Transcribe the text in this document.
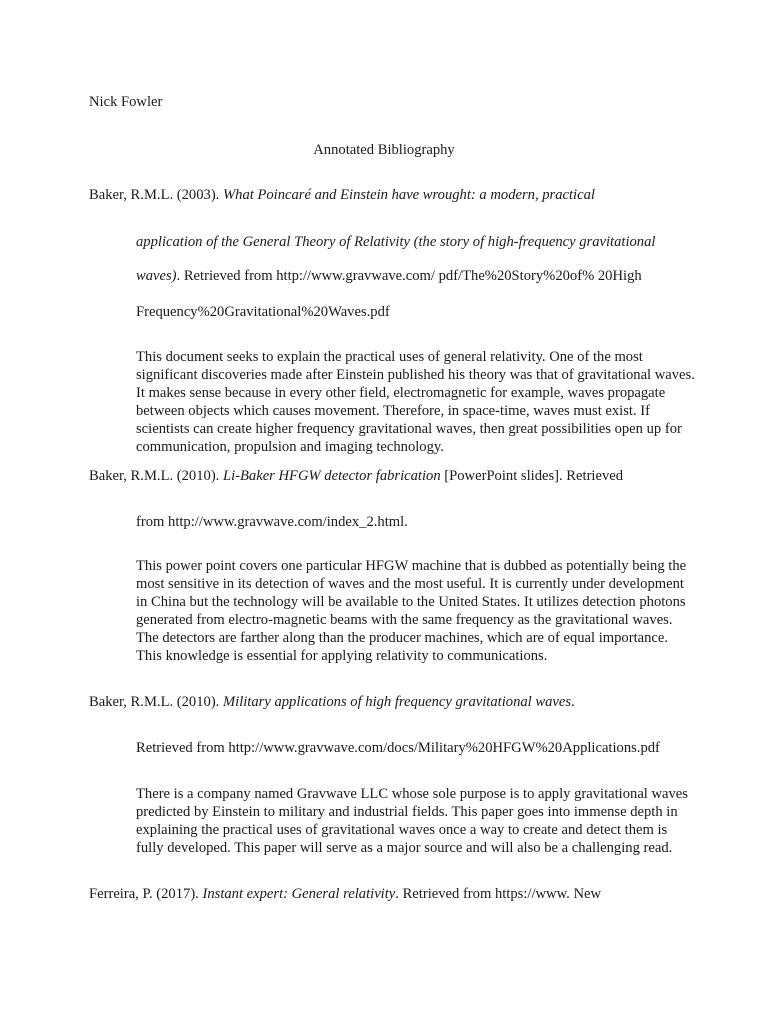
Nick Fowler
Annotated Bibliography
Baker, R.M.L. (2003). What Poincaré and Einstein have wrought: a modern, practical
application of the General Theory of Relativity (the story of high-frequency gravitational
waves). Retrieved from http://www.gravwave.com/ pdf/The%20Story%20of% 20High
Frequency%20Gravitational%20Waves.pdf
This document seeks to explain the practical uses of general relativity. One of the most significant discoveries made after Einstein published his theory was that of gravitational waves. It makes sense because in every other field, electromagnetic for example, waves propagate between objects which causes movement. Therefore, in space-time, waves must exist. If scientists can create higher frequency gravitational waves, then great possibilities open up for communication, propulsion and imaging technology.
Baker, R.M.L. (2010). Li-Baker HFGW detector fabrication [PowerPoint slides]. Retrieved
from http://www.gravwave.com/index_2.html.
This power point covers one particular HFGW machine that is dubbed as potentially being the most sensitive in its detection of waves and the most useful. It is currently under development in China but the technology will be available to the United States. It utilizes detection photons generated from electro-magnetic beams with the same frequency as the gravitational waves. The detectors are farther along than the producer machines, which are of equal importance. This knowledge is essential for applying relativity to communications.
Baker, R.M.L. (2010). Military applications of high frequency gravitational waves.
Retrieved from http://www.gravwave.com/docs/Military%20HFGW%20Applications.pdf
There is a company named Gravwave LLC whose sole purpose is to apply gravitational waves predicted by Einstein to military and industrial fields. This paper goes into immense depth in explaining the practical uses of gravitational waves once a way to create and detect them is fully developed. This paper will serve as a major source and will also be a challenging read.
Ferreira, P. (2017). Instant expert: General relativity. Retrieved from https://www. New
